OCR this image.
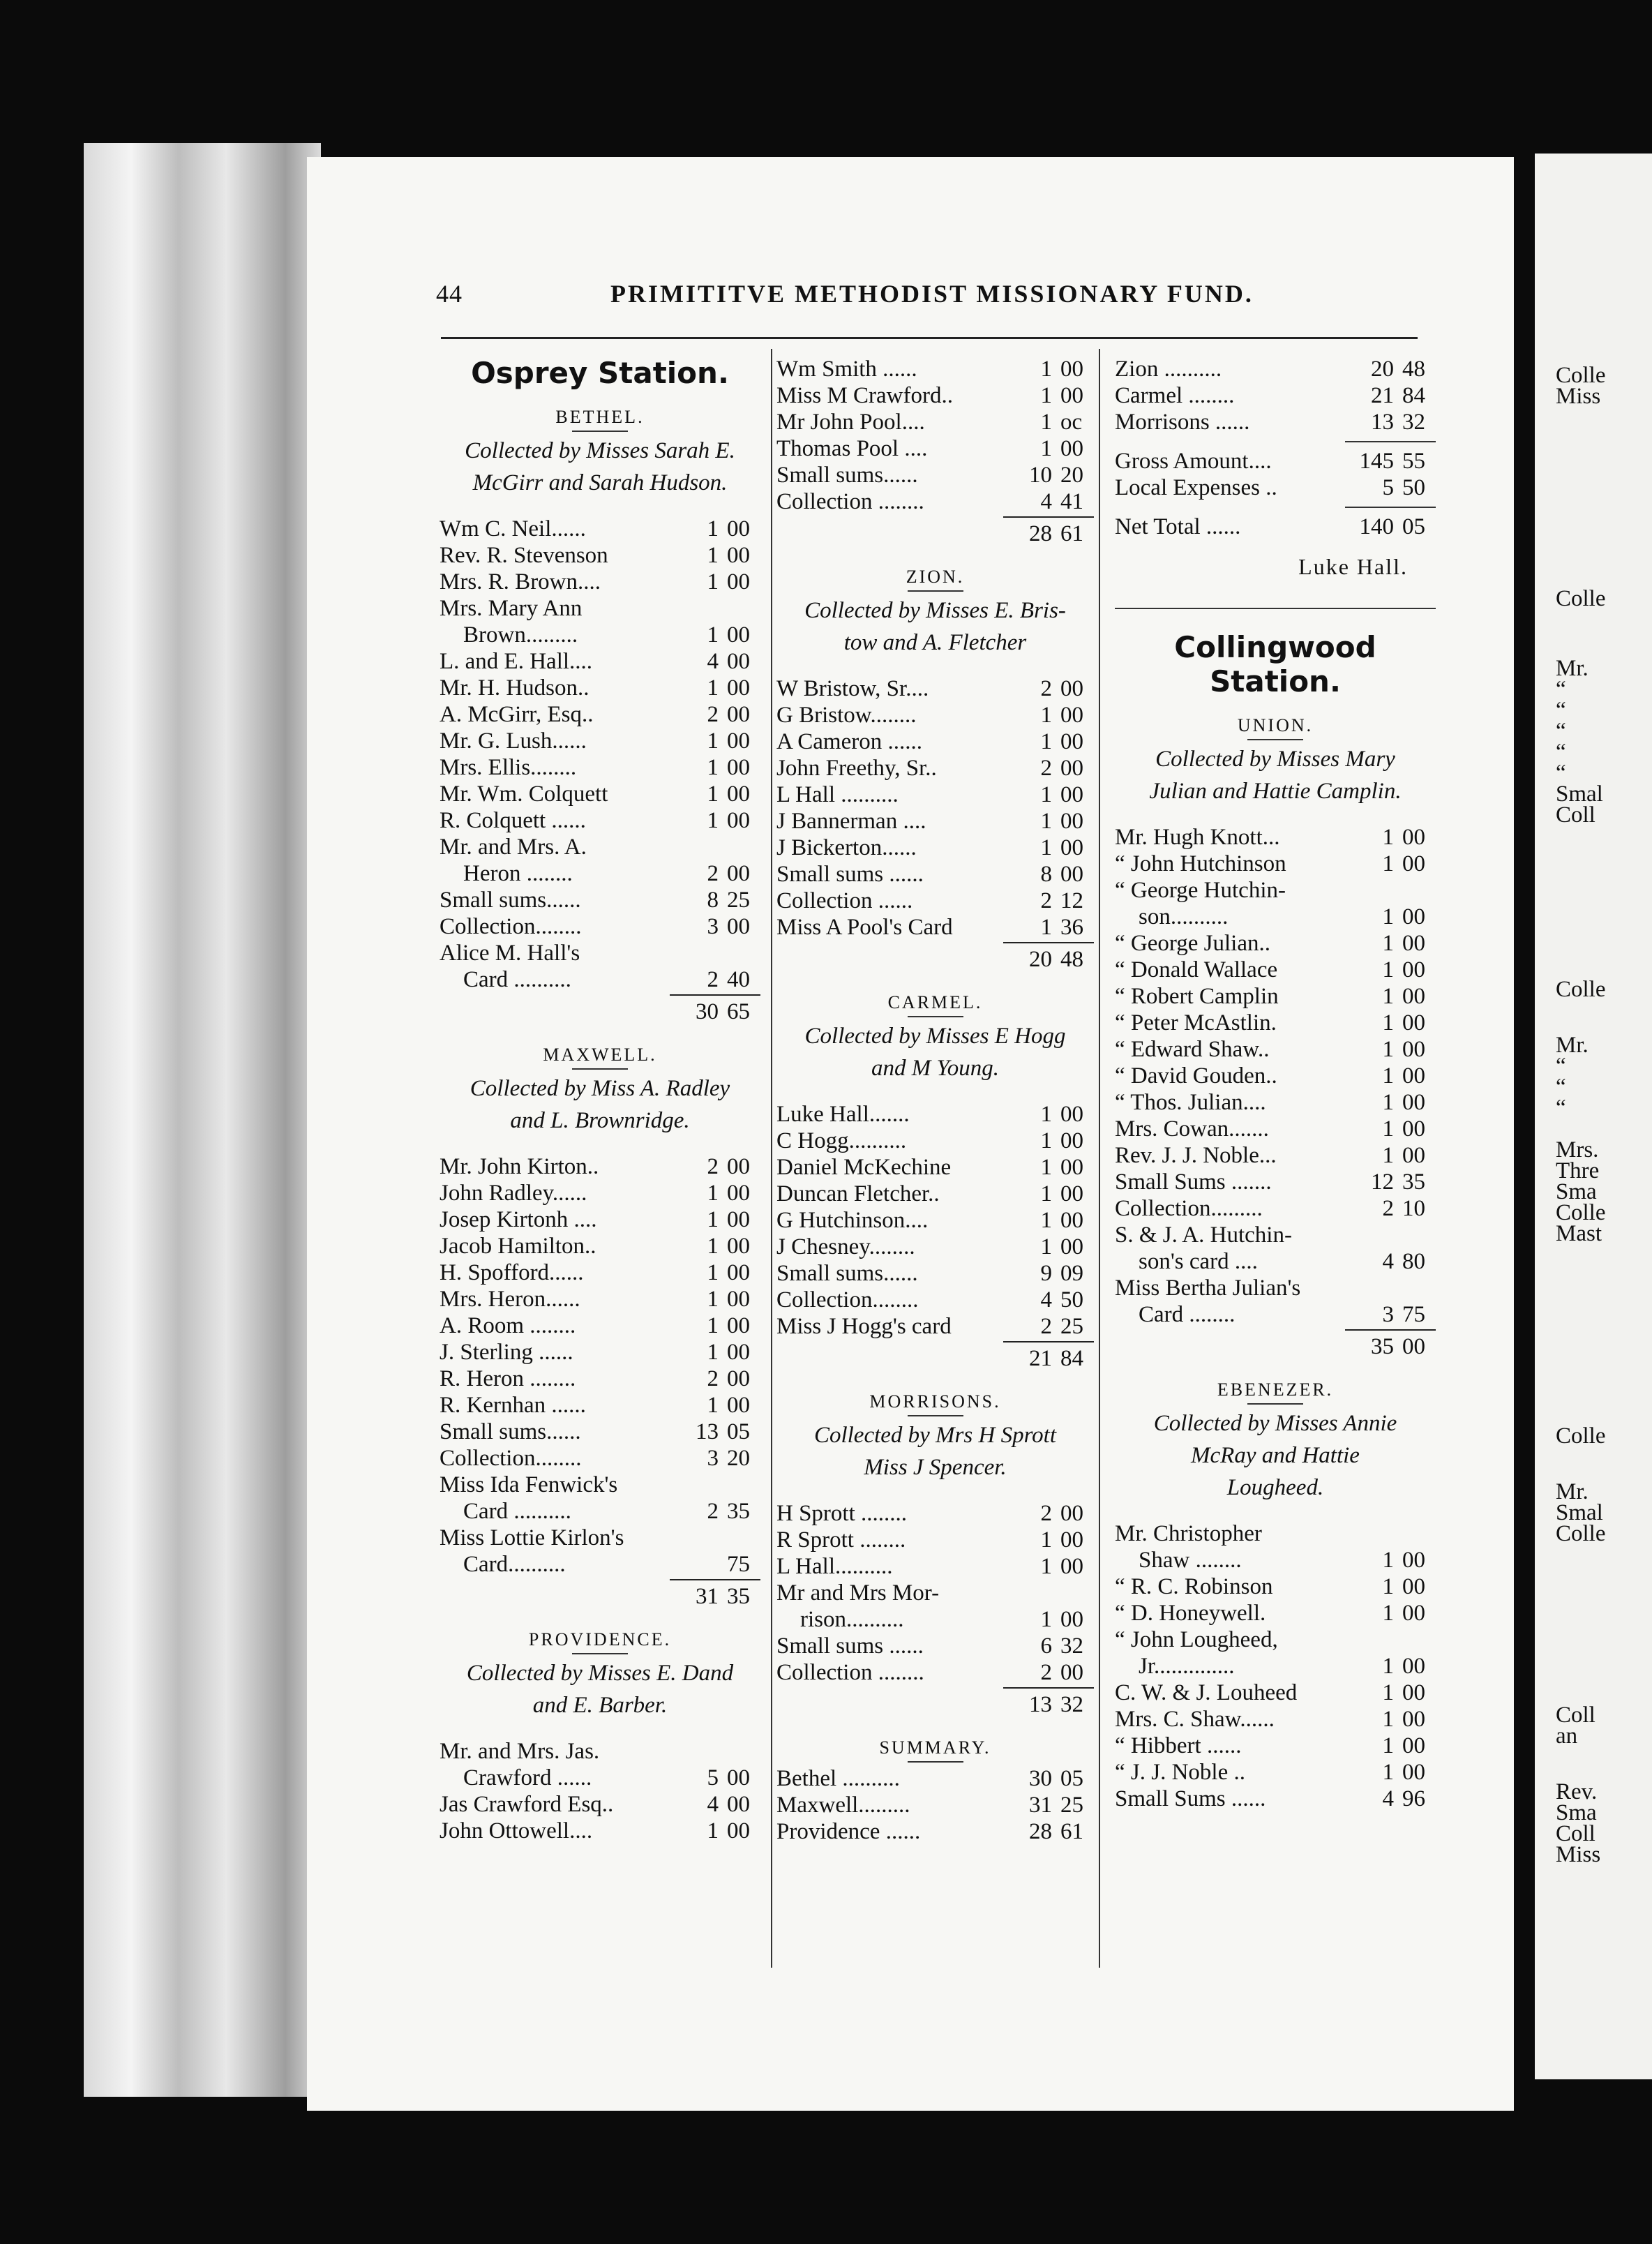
Colle
Miss
Colle
Mr.
“
“
“
“
“
Smal
Coll
Colle
Mr.
“
“
“
Mrs.
Thre
Sma
Colle
Mast
Colle
Mr.
Smal
Colle
Coll
an
Rev.
Sma
Coll
Miss
44	PRIMITITVE METHODIST MISSIONARY FUND.
Osprey Station.
BETHEL.
Collected by Misses Sarah E.
McGirr and Sarah Hudson.
Wm C. Neil......	1 00
Rev. R. Stevenson	1 00
Mrs. R. Brown....	1 00
Mrs. Mary Ann
Brown.........	1 00
L. and E. Hall....	4 00
Mr. H. Hudson..	1 00
A. McGirr, Esq..	2 00
Mr. G. Lush......	1 00
Mrs. Ellis........	1 00
Mr. Wm. Colquett	1 00
R. Colquett ......	1 00
Mr. and Mrs. A.
Heron ........	2 00
Small sums......	8 25
Collection........	3 00
Alice M. Hall's
Card ..........	2 40
30 65
MAXWELL.
Collected by Miss A. Radley
and L. Brownridge.
Mr. John Kirton..	2 00
John Radley......	1 00
Josep Kirtonh ....	1 00
Jacob Hamilton..	1 00
H. Spofford......	1 00
Mrs. Heron......	1 00
A. Room ........	1 00
J. Sterling ......	1 00
R. Heron ........	2 00
R. Kernhan ......	1 00
Small sums......	13 05
Collection........	3 20
Miss Ida Fenwick's
Card ..........	2 35
Miss Lottie Kirlon's
Card..........	75
31 35
PROVIDENCE.
Collected by Misses E. Dand
and E. Barber.
Mr. and Mrs. Jas.
Crawford ......	5 00
Jas Crawford Esq..	4 00
John Ottowell....	1 00
Wm Smith ......	1 00
Miss M Crawford..	1 00
Mr John Pool....	1 oc
Thomas Pool ....	1 00
Small sums......	10 20
Collection ........	4 41
28 61
ZION.
Collected by Misses E. Bris-
tow and A. Fletcher
W Bristow, Sr....	2 00
G Bristow........	1 00
A Cameron ......	1 00
John Freethy, Sr..	2 00
L Hall ..........	1 00
J Bannerman ....	1 00
J Bickerton......	1 00
Small sums ......	8 00
Collection ......	2 12
Miss A Pool's Card	1 36
20 48
CARMEL.
Collected by Misses E Hogg
and M Young.
Luke Hall.......	1 00
C Hogg..........	1 00
Daniel McKechine	1 00
Duncan Fletcher..	1 00
G Hutchinson....	1 00
J Chesney........	1 00
Small sums......	9 09
Collection........	4 50
Miss J Hogg's card	2 25
21 84
MORRISONS.
Collected by Mrs H Sprott
Miss J Spencer.
H Sprott ........	2 00
R Sprott ........	1 00
L Hall..........	1 00
Mr and Mrs Mor-
rison..........	1 00
Small sums ......	6 32
Collection ........	2 00
13 32
SUMMARY.
Bethel ..........	30 05
Maxwell.........	31 25
Providence ......	28 61
Zion ..........	20 48
Carmel ........	21 84
Morrisons ......	13 32
Gross Amount....	145 55
Local Expenses ..	5 50
Net Total ......	140 05
Luke Hall.
Collingwood Station.
UNION.
Collected by Misses Mary
Julian and Hattie Camplin.
Mr. Hugh Knott...	1 00
“ John Hutchinson	1 00
“ George Hutchin-
son..........	1 00
“ George Julian..	1 00
“ Donald Wallace	1 00
“ Robert Camplin	1 00
“ Peter McAstlin.	1 00
“ Edward Shaw..	1 00
“ David Gouden..	1 00
“ Thos. Julian....	1 00
Mrs. Cowan.......	1 00
Rev. J. J. Noble...	1 00
Small Sums .......	12 35
Collection.........	2 10
S. & J. A. Hutchin-
son's card ....	4 80
Miss Bertha Julian's
Card ........	3 75
35 00
EBENEZER.
Collected by Misses Annie
McRay and Hattie
Lougheed.
Mr. Christopher
Shaw ........	1 00
“ R. C. Robinson	1 00
“ D. Honeywell.	1 00
“ John Lougheed,
Jr..............	1 00
C. W. & J. Louheed	1 00
Mrs. C. Shaw......	1 00
“ Hibbert ......	1 00
“ J. J. Noble ..	1 00
Small Sums ......	4 96
